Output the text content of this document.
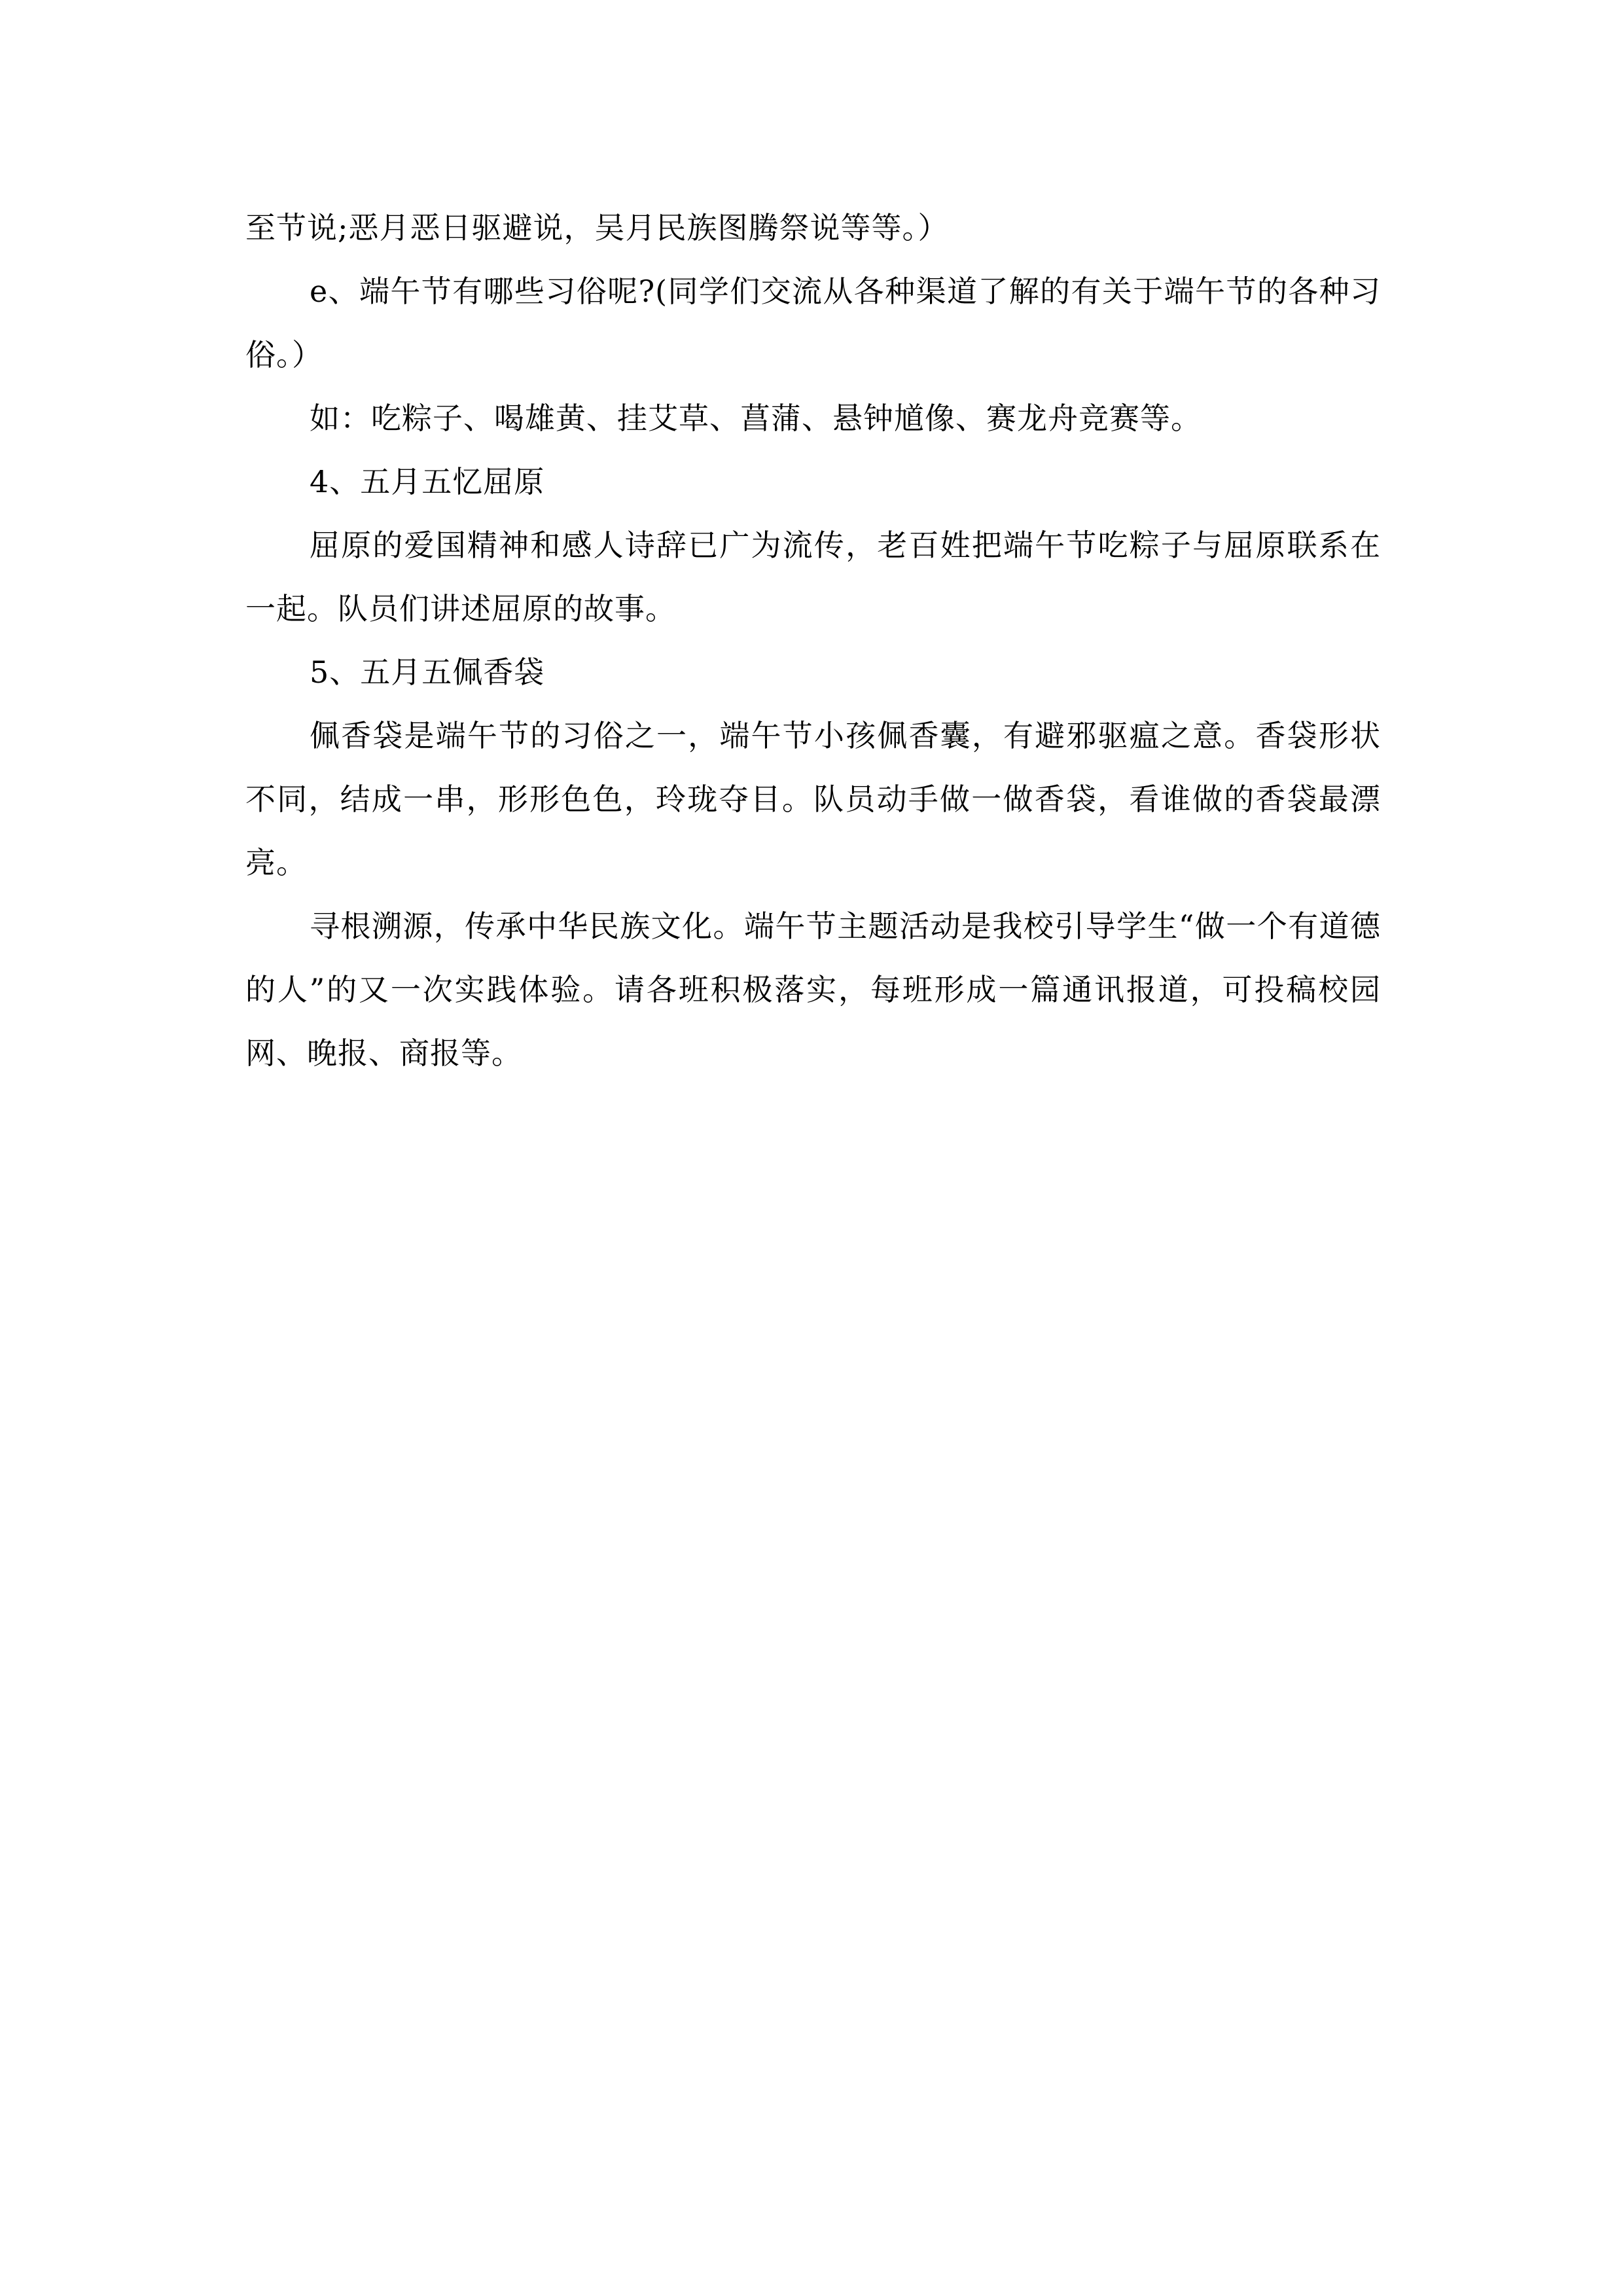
至节说;恶月恶日驱避说，吴月民族图腾祭说等等。）

e、端午节有哪些习俗呢?(同学们交流从各种渠道了解的有关于端午节的各种习俗。）

如：吃粽子、喝雄黄、挂艾草、菖蒲、悬钟馗像、赛龙舟竞赛等。

4、五月五忆屈原

屈原的爱国精神和感人诗辞已广为流传，老百姓把端午节吃粽子与屈原联系在一起。队员们讲述屈原的故事。

5、五月五佩香袋

佩香袋是端午节的习俗之一，端午节小孩佩香囊，有避邪驱瘟之意。香袋形状不同，结成一串，形形色色，玲珑夺目。队员动手做一做香袋，看谁做的香袋最漂亮。

寻根溯源，传承中华民族文化。端午节主题活动是我校引导学生“做一个有道德的人”的又一次实践体验。请各班积极落实，每班形成一篇通讯报道，可投稿校园网、晚报、商报等。
